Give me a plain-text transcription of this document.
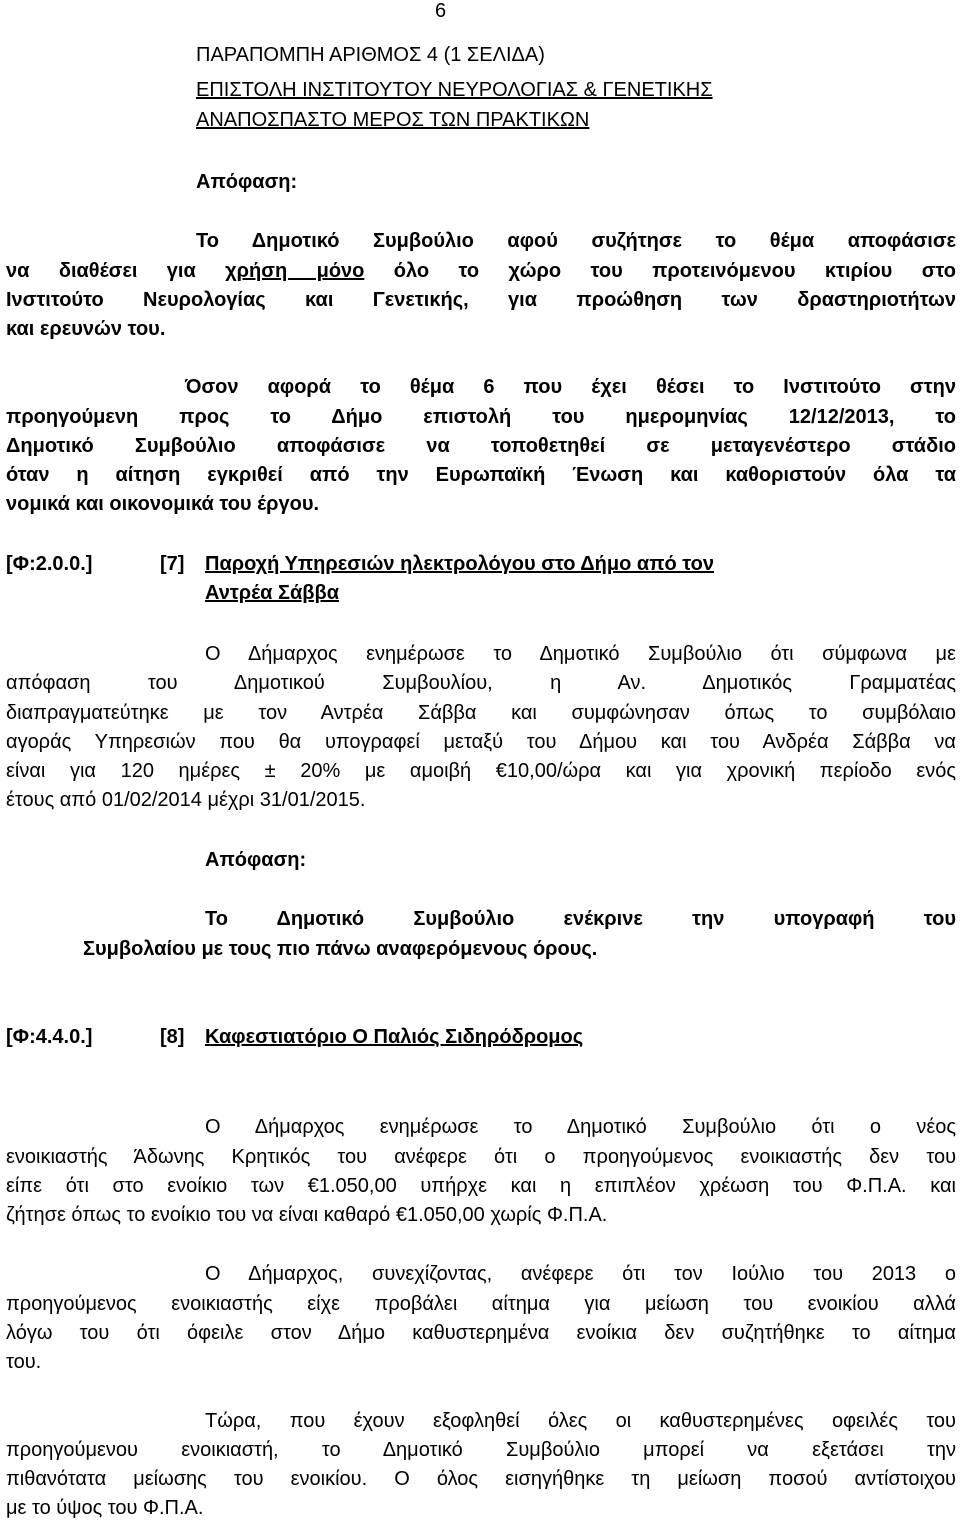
6
ΠΑΡΑΠΟΜΠΗ ΑΡΙΘΜΟΣ 4 (1 ΣΕΛΙΔΑ)
ΕΠΙΣΤΟΛΗ ΙΝΣΤΙΤΟΥΤΟΥ ΝΕΥΡΟΛΟΓΙΑΣ & ΓΕΝΕΤΙΚΗΣ
ΑΝΑΠΟΣΠΑΣΤΟ ΜΕΡΟΣ ΤΩΝ ΠΡΑΚΤΙΚΩΝ
Απόφαση:
Το Δημοτικό Συμβούλιο αφού συζήτησε το θέμα αποφάσισε
να διαθέσει για χρήση μόνο όλο το χώρο του προτεινόμενου κτιρίου στο
Ινστιτούτο Νευρολογίας και Γενετικής, για προώθηση των δραστηριοτήτων
και ερευνών του.
Όσον αφορά το θέμα 6 που έχει θέσει το Ινστιτούτο στην
προηγούμενη προς το Δήμο επιστολή του ημερομηνίας 12/12/2013, το
Δημοτικό Συμβούλιο αποφάσισε να τοποθετηθεί σε μεταγενέστερο στάδιο
όταν η αίτηση εγκριθεί από την Ευρωπαϊκή Ένωση και καθοριστούν όλα τα
νομικά και οικονομικά του έργου.
[Φ:2.0.0.]	[7] Παροχή Υπηρεσιών ηλεκτρολόγου στο Δήμο από τον
Αντρέα Σάββα
Ο Δήμαρχος ενημέρωσε το Δημοτικό Συμβούλιο ότι σύμφωνα με
απόφαση του Δημοτικού Συμβουλίου, η Αν. Δημοτικός Γραμματέας
διαπραγματεύτηκε με τον Αντρέα Σάββα και συμφώνησαν όπως το συμβόλαιο
αγοράς Υπηρεσιών που θα υπογραφεί μεταξύ του Δήμου και του Ανδρέα Σάββα να
είναι για 120 ημέρες ± 20% με αμοιβή €10,00/ώρα και για χρονική περίοδο ενός
έτους από 01/02/2014 μέχρι 31/01/2015.
Απόφαση:
Το Δημοτικό Συμβούλιο ενέκρινε την υπογραφή του
Συμβολαίου με τους πιο πάνω αναφερόμενους όρους.
[Φ:4.4.0.]	[8] Καφεστιατόριο Ο Παλιός Σιδηρόδρομος
Ο Δήμαρχος ενημέρωσε το Δημοτικό Συμβούλιο ότι ο νέος
ενοικιαστής Άδωνης Κρητικός του ανέφερε ότι ο προηγούμενος ενοικιαστής δεν του
είπε ότι στο ενοίκιο των €1.050,00 υπήρχε και η επιπλέον χρέωση του Φ.Π.Α. και
ζήτησε όπως το ενοίκιο του να είναι καθαρό €1.050,00 χωρίς Φ.Π.Α.
Ο Δήμαρχος, συνεχίζοντας, ανέφερε ότι τον Ιούλιο του 2013 ο
προηγούμενος ενοικιαστής είχε προβάλει αίτημα για μείωση του ενοικίου αλλά
λόγω του ότι όφειλε στον Δήμο καθυστερημένα ενοίκια δεν συζητήθηκε το αίτημα
του.
Τώρα, που έχουν εξοφληθεί όλες οι καθυστερημένες οφειλές του
προηγούμενου ενοικιαστή, το Δημοτικό Συμβούλιο μπορεί να εξετάσει την
πιθανότατα μείωσης του ενοικίου. Ο όλος εισηγήθηκε τη μείωση ποσού αντίστοιχου
με το ύψος του Φ.Π.Α.
